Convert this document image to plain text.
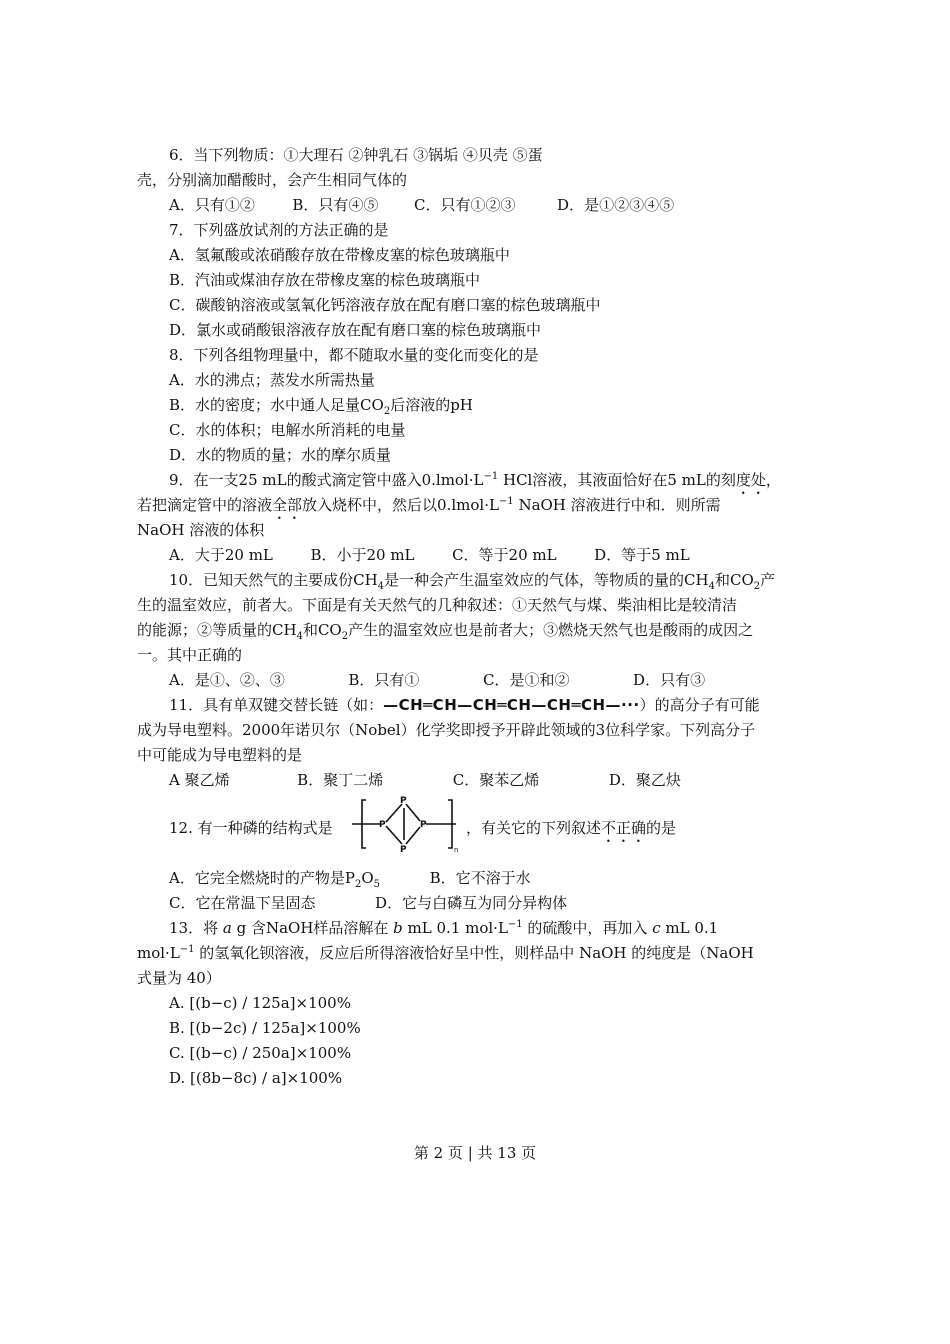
6．当下列物质：①大理石 ②钟乳石 ③锅垢 ④贝壳 ⑤蛋
壳，分别滴加醋酸时，会产生相同气体的
A．只有①②	B．只有④⑤ C．只有①②③	D．是①②③④⑤
7．下列盛放试剂的方法正确的是
A．氢氟酸或浓硝酸存放在带橡皮塞的棕色玻璃瓶中
B．汽油或煤油存放在带橡皮塞的棕色玻璃瓶中
C．碳酸钠溶液或氢氧化钙溶液存放在配有磨口塞的棕色玻璃瓶中
D．氯水或硝酸银溶液存放在配有磨口塞的棕色玻璃瓶中
8．下列各组物理量中，都不随取水量的变化而变化的是
A．水的沸点；蒸发水所需热量
B．水的密度；水中通人足量$CO_2$后溶液的pH
C．水的体积；电解水所消耗的电量
D．水的物质的量；水的摩尔质量
9．在一支25 mL的酸式滴定管中盛入$0.lmol\cdot L^{-1}$ HCl溶液，其液面恰好在5 mL的刻度处，
若把滴定管中的溶液全部放入烧杯中，然后以$0.lmol\cdot L^{-1}$ NaOH 溶液进行中和．则所需
NaOH 溶液的体积
A．大于20 mL	B．小于20 mL	C．等于20 mL	D．等于5 mL
10．已知天然气的主要成份$CH_4$是一种会产生温室效应的气体，等物质的量的$CH_4$和$CO_2$产
生的温室效应，前者大。下面是有关天然气的几种叙述：①天然气与煤、柴油相比是较清洁
的能源；②等质量的$CH_4$和$CO_2$产生的温室效应也是前者大；③燃烧天然气也是酸雨的成因之
一。其中正确的
A．是①、②、③	B．只有①	C．是①和②	D．只有③
11．具有单双键交替长链（如：—CH═CH—CH═CH—CH═CH—···）的高分子有可能
成为导电塑料。2000年诺贝尔（Nobel）化学奖即授予开辟此领域的3位科学家。下列高分子
中可能成为导电塑料的是
A 聚乙烯	B．聚丁二烯	C．聚苯乙烯	D．聚乙炔
12. 有一种磷的结构式是	P
P
P
P	n
，有关它的下列叙述不正确的是
A．它完全燃烧时的产物是$P_2O_5$	B．它不溶于水
C．它在常温下呈固态	D．它与白磷互为同分异构体
13．将 a g 含NaOH样品溶解在 b mL 0.1 $mol\cdot L^{-1}$ 的硫酸中，再加入 c mL 0.1
$mol\cdot L^{-1}$ 的氢氧化钡溶液，反应后所得溶液恰好呈中性，则样品中 NaOH 的纯度是（NaOH
式量为 40）
A. [(b−c) / 125a]×100%
B. [(b−2c) / 125a]×100%
C. [(b−c) / 250a]×100%
D. [(8b−8c) / a]×100%
第 2 页 | 共 13 页
